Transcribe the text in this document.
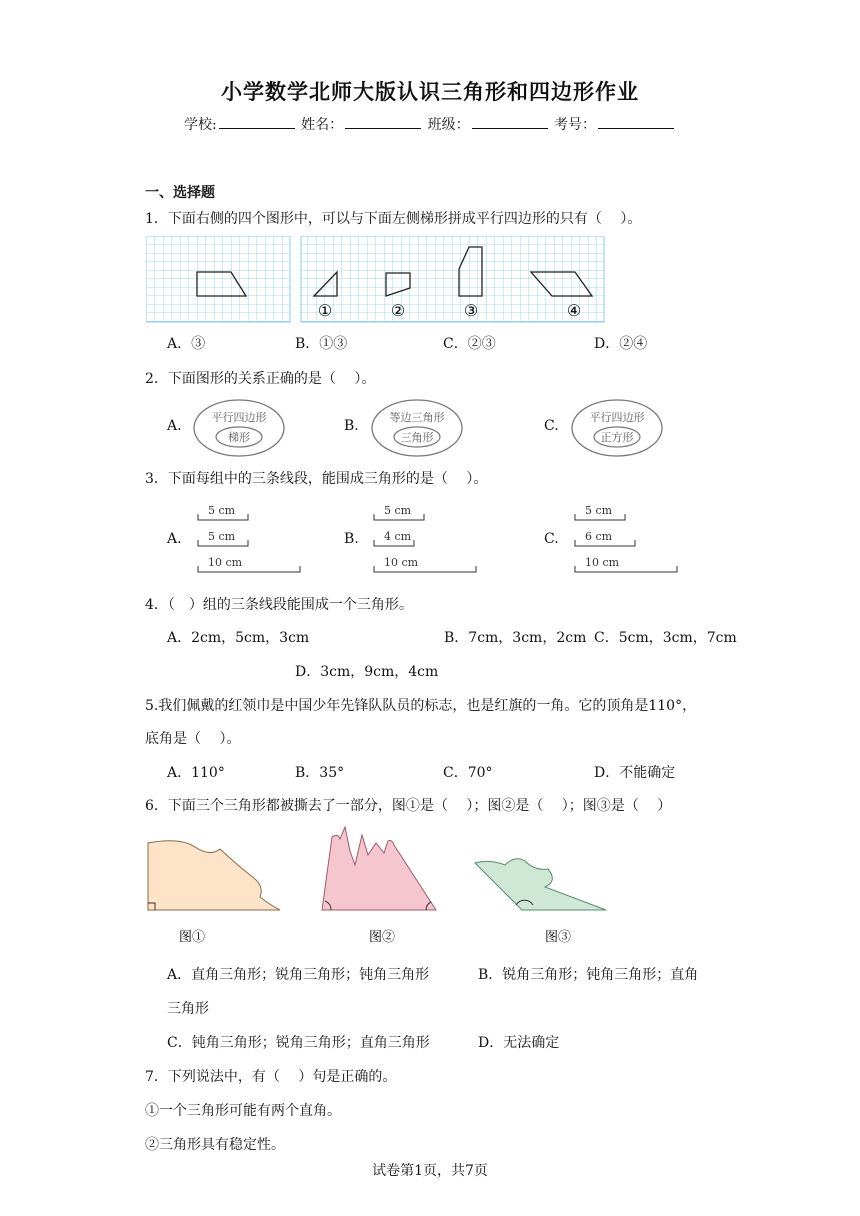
小学数学北师大版认识三角形和四边形作业
学校:	姓名：	班级：	考号：
一、选择题
1．下面右侧的四个图形中，可以与下面左侧梯形拼成平行四边形的只有（　 ）。
①	②	③	④
A．③	B．①③	C．②③	D．②④
2．下面图形的关系正确的是（　 ）。
A.
平行四边形
梯形
B.
等边三角形
三角形
C.
平行四边形
正方形
3．下面每组中的三条线段，能围成三角形的是（　 ）。
A.
5 cm
5 cm
10 cm
B.
5 cm
4 cm
10 cm
C.
5 cm
6 cm
10 cm
4．（　）组的三条线段能围成一个三角形。
A．2cm，5cm，3cm	B．7cm，3cm，2cm C．5cm，3cm，7cm
D．3cm，9cm，4cm
5.我们佩戴的红领巾是中国少年先锋队队员的标志，也是红旗的一角。它的顶角是110°，
底角是（　 ）。
A．110°	B．35°	C．70°	D．不能确定
6．下面三个三角形都被撕去了一部分，图①是（　 ）；图②是（　 ）；图③是（　 ）
图①	图②	图③
A．直角三角形；锐角三角形；钝角三角形	B．锐角三角形；钝角三角形；直角
三角形
C．钝角三角形；锐角三角形；直角三角形	D．无法确定
7．下列说法中，有（　 ）句是正确的。
①一个三角形可能有两个直角。
②三角形具有稳定性。
试卷第1页，共7页
